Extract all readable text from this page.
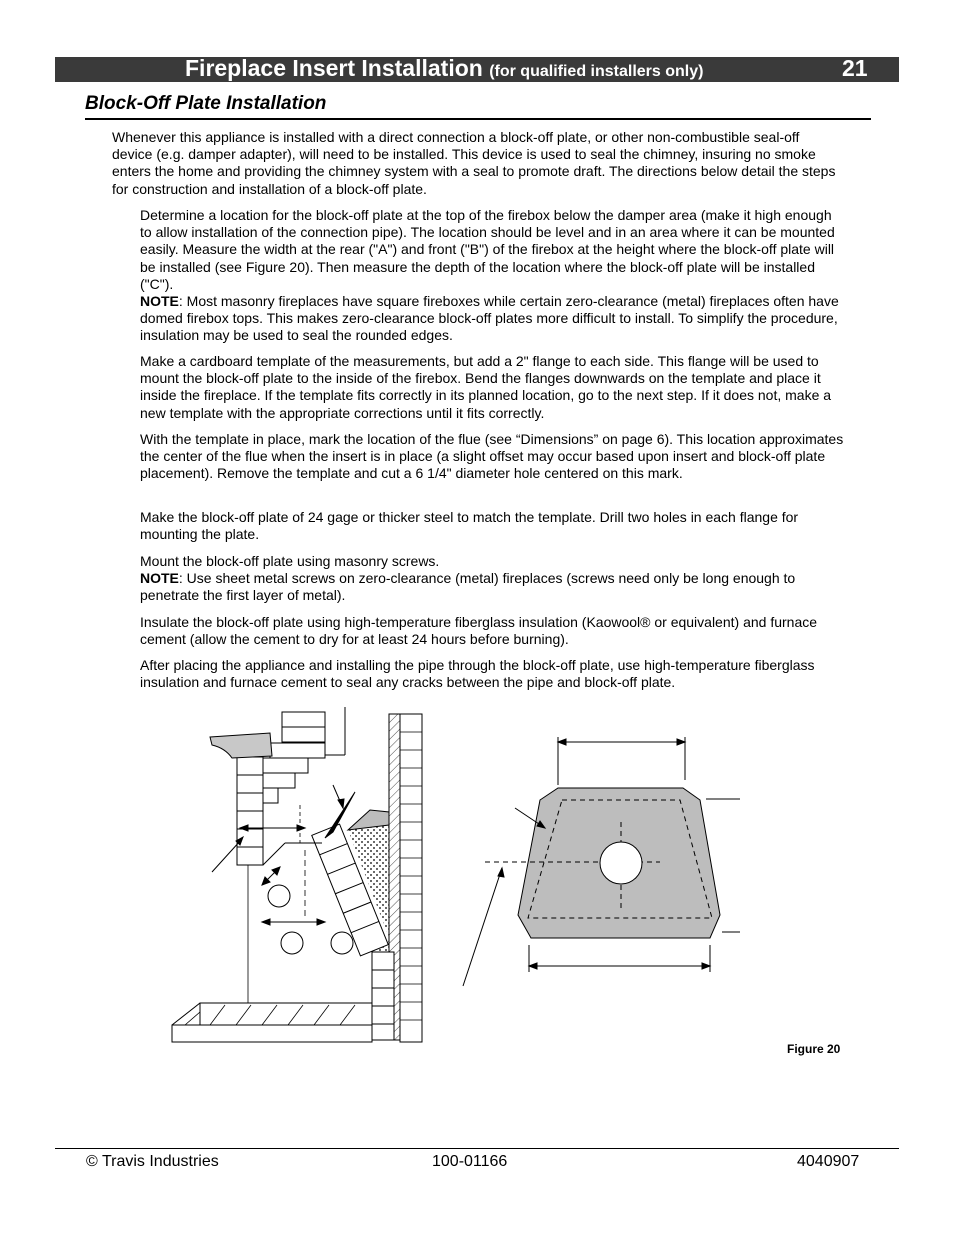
Fireplace Insert Installation (for qualified installers only)	21
Block-Off Plate Installation

Whenever this appliance is installed with a direct connection a block-off plate, or other non-combustible seal-off device (e.g. damper adapter), will need to be installed. This device is used to seal the chimney, insuring no smoke enters the home and providing the chimney system with a seal to promote draft. The directions below detail the steps for construction and installation of a block-off plate.

Determine a location for the block-off plate at the top of the firebox below the damper area (make it high enough to allow installation of the connection pipe). The location should be level and in an area where it can be mounted easily. Measure the width at the rear ("A") and front ("B") of the firebox at the height where the block-off plate will be installed (see Figure 20). Then measure the depth of the location where the block-off plate will be installed ("C").
NOTE: Most masonry fireplaces have square fireboxes while certain zero-clearance (metal) fireplaces often have domed firebox tops. This makes zero-clearance block-off plates more difficult to install. To simplify the procedure, insulation may be used to seal the rounded edges.

Make a cardboard template of the measurements, but add a 2" flange to each side. This flange will be used to mount the block-off plate to the inside of the firebox. Bend the flanges downwards on the template and place it inside the fireplace. If the template fits correctly in its planned location, go to the next step. If it does not, make a new template with the appropriate corrections until it fits correctly.

With the template in place, mark the location of the flue (see “Dimensions” on page 6). This location approximates the center of the flue when the insert is in place (a slight offset may occur based upon insert and block-off plate placement). Remove the template and cut a 6 1/4" diameter hole centered on this mark.

Make the block-off plate of 24 gage or thicker steel to match the template. Drill two holes in each flange for mounting the plate.

Mount the block-off plate using masonry screws.
NOTE: Use sheet metal screws on zero-clearance (metal) fireplaces (screws need only be long enough to penetrate the first layer of metal).

Insulate the block-off plate using high-temperature fiberglass insulation (Kaowool® or equivalent) and furnace cement (allow the cement to dry for at least 24 hours before burning).

After placing the appliance and installing the pipe through the block-off plate, use high-temperature fiberglass insulation and furnace cement to seal any cracks between the pipe and block-off plate.

Figure 20
© Travis Industries	100-01166	4040907
